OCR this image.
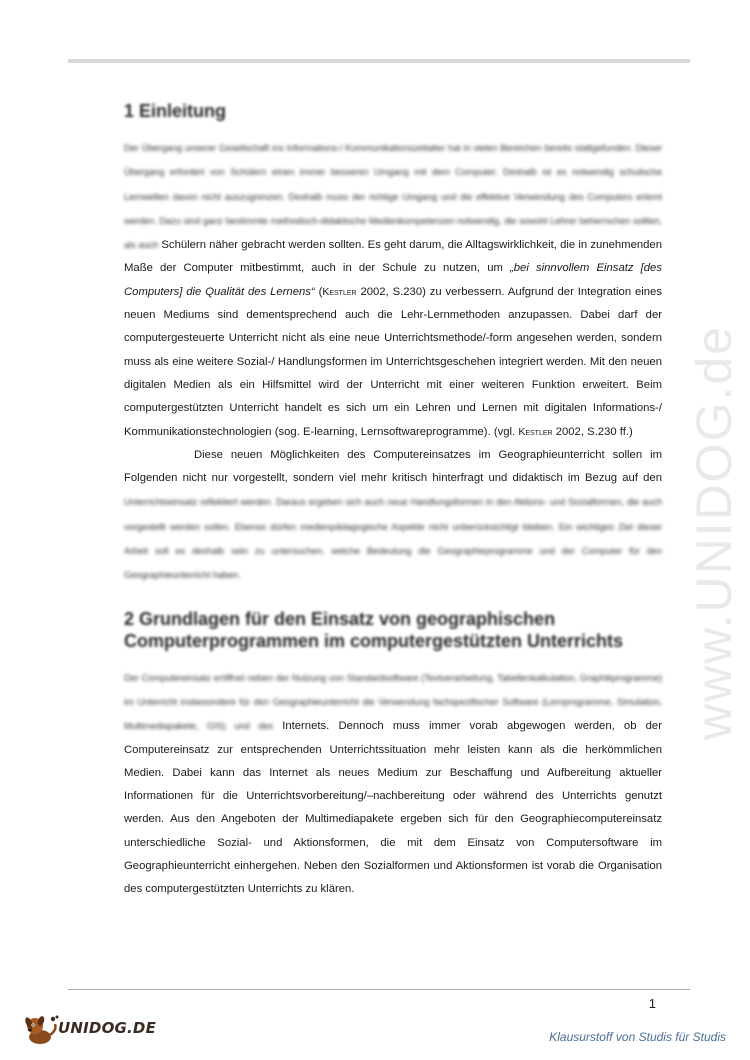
www.UNIDOG.de
1 Einleitung

Der Übergang unserer Gesellschaft ins Informations-/ Kommunikationszeitalter hat in vielen Bereichen bereits stattgefunden. Dieser Übergang erfordert von Schülern einen immer besseren Umgang mit dem Computer. Deshalb ist es notwendig schulische Lernwelten davon nicht auszugrenzen. Deshalb muss der richtige Umgang und die effektive Verwendung des Computers erlernt werden. Dazu sind ganz bestimmte methodisch-didaktische Medienkompetenzen notwendig, die sowohl Lehrer beherrschen sollten, als auch Schülern näher gebracht werden sollten. Es geht darum, die Alltagswirklichkeit, die in zunehmenden Maße der Computer mitbestimmt, auch in der Schule zu nutzen, um „bei sinnvollem Einsatz [des Computers] die Qualität des Lernens“ (Kestler 2002, S.230) zu verbessern. Aufgrund der Integration eines neuen Mediums sind dementsprechend auch die Lehr-Lernmethoden anzupassen. Dabei darf der computergesteuerte Unterricht nicht als eine neue Unterrichtsmethode/-form angesehen werden, sondern muss als eine weitere Sozial-/ Handlungsformen im Unterrichtsgeschehen integriert werden. Mit den neuen digitalen Medien als ein Hilfsmittel wird der Unterricht mit einer weiteren Funktion erweitert. Beim computergestützten Unterricht handelt es sich um ein Lehren und Lernen mit digitalen Informations-/ Kommunikationstechnologien (sog. E-learning, Lernsoftwareprogramme). (vgl. Kestler 2002, S.230 ff.)

Diese neuen Möglichkeiten des Computereinsatzes im Geographieunterricht sollen im Folgenden nicht nur vorgestellt, sondern viel mehr kritisch hinterfragt und didaktisch im Bezug auf den Unterrichtseinsatz reflektiert werden. Daraus ergeben sich auch neue Handlungsformen in den Aktions- und Sozialformen, die auch vorgestellt werden sollen. Ebenso dürfen medienpädagogische Aspekte nicht unberücksichtigt bleiben. Ein wichtiges Ziel dieser Arbeit soll es deshalb sein zu untersuchen, welche Bedeutung die Geographieprogramme und der Computer für den Geographieunterricht haben.

2 Grundlagen für den Einsatz von geographischen Computerprogrammen im computergestützten Unterrichts

Der Computereinsatz eröffnet neben der Nutzung von Standardsoftware (Textverarbeitung, Tabellenkalkulation, Graphikprogramme) im Unterricht insbesondere für den Geographieunterricht die Verwendung fachspezifischer Software (Lernprogramme, Simulation, Multimediapakete, GIS) und des Internets. Dennoch muss immer vorab abgewogen werden, ob der Computereinsatz zur entsprechenden Unterrichtssituation mehr leisten kann als die herkömmlichen Medien. Dabei kann das Internet als neues Medium zur Beschaffung und Aufbereitung aktueller Informationen für die Unterrichtsvorbereitung/–nachbereitung oder während des Unterrichts genutzt werden. Aus den Angeboten der Multimediapakete ergeben sich für den Geographiecomputereinsatz unterschiedliche Sozial- und Aktionsformen, die mit dem Einsatz von Computersoftware im Geographieunterricht einhergehen. Neben den Sozialformen und Aktionsformen ist vorab die Organisation des computergestützten Unterrichts zu klären.

1
UNIDOG.DE	Klausurstoff von Studis für Studis
